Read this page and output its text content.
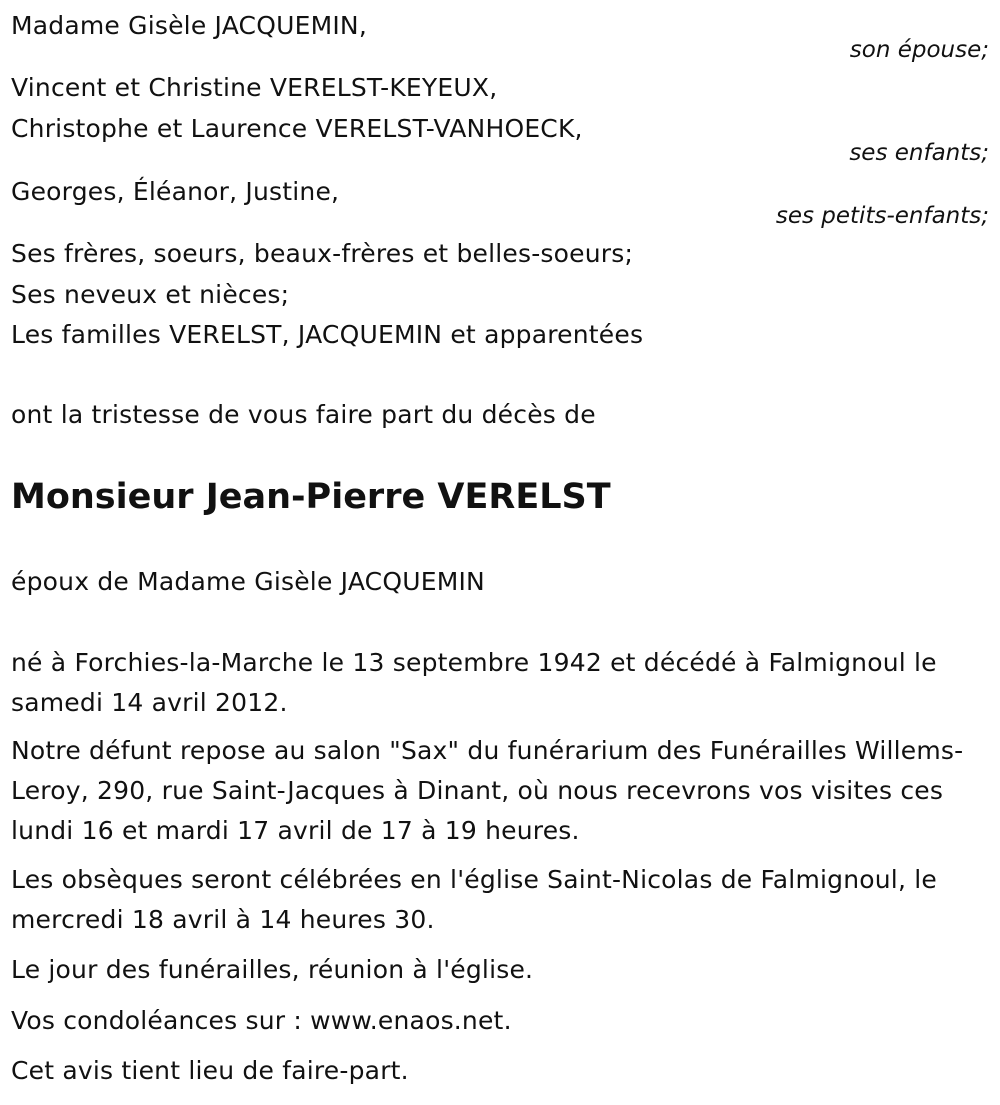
Madame Gisèle JACQUEMIN,
son épouse;
Vincent et Christine VERELST-KEYEUX,
Christophe et Laurence VERELST-VANHOECK,
ses enfants;
Georges, Éléanor, Justine,
ses petits-enfants;
Ses frères, soeurs, beaux-frères et belles-soeurs;
Ses neveux et nièces;
Les familles VERELST, JACQUEMIN et apparentées
ont la tristesse de vous faire part du décès de
Monsieur Jean-Pierre VERELST
époux de Madame Gisèle JACQUEMIN
né à Forchies-la-Marche le 13 septembre 1942 et décédé à Falmignoul le samedi 14 avril 2012.
Notre défunt repose au salon "Sax" du funérarium des Funérailles Willems-Leroy, 290, rue Saint-Jacques à Dinant, où nous recevrons vos visites ces lundi 16 et mardi 17 avril de 17 à 19 heures.
Les obsèques seront célébrées en l'église Saint-Nicolas de Falmignoul, le mercredi 18 avril à 14 heures 30.
Le jour des funérailles, réunion à l'église.
Vos condoléances sur : www.enaos.net.
Cet avis tient lieu de faire-part.
